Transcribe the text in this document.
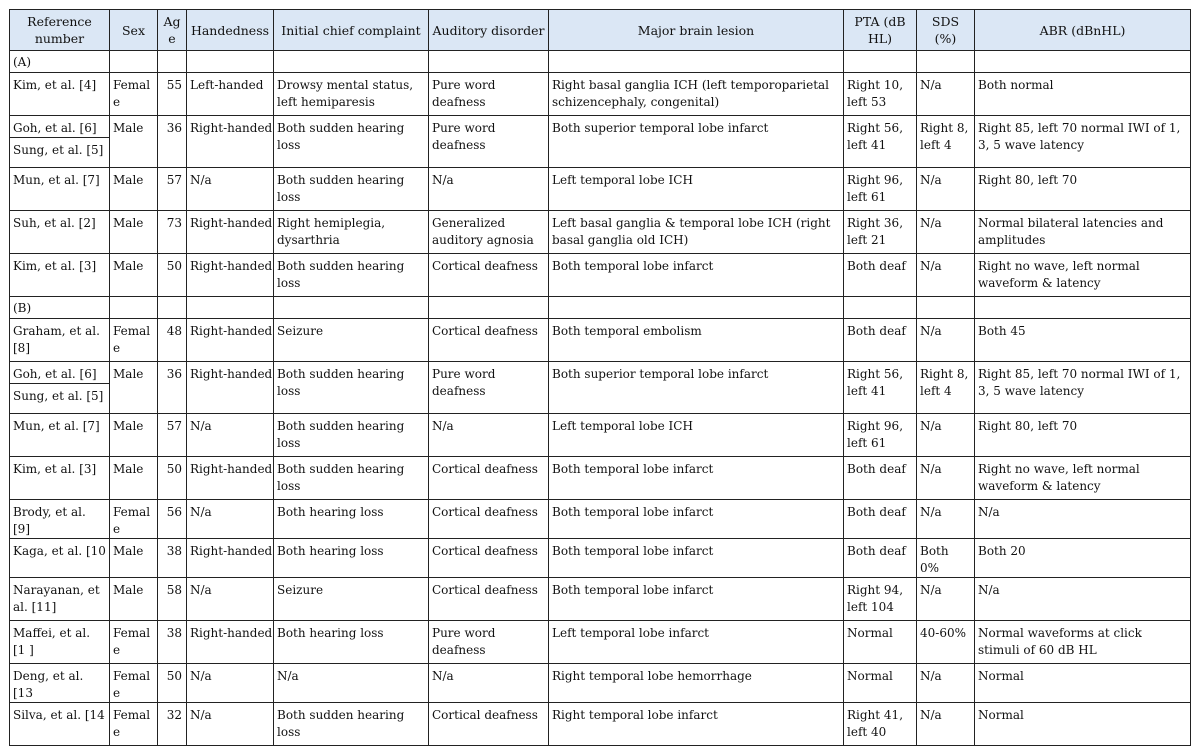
Reference number	Sex	Age	Handedness	Initial chief complaint	Auditory disorder	Major brain lesion	PTA (dB HL)	SDS (%)	ABR (dBnHL)
(A)									
Kim, et al. [4]	Female	55	Left-handed	Drowsy mental status, left hemiparesis	Pure word deafness	Right basal ganglia ICH (left temporoparietal schizencephaly, congenital)	Right 10, left 53	N/a	Both normal
Goh, et al. [6]	Male	36	Right-handed	Both sudden hearing loss	Pure word deafness	Both superior temporal lobe infarct	Right 56, left 41	Right 8, left 4	Right 85, left 70 normal IWI of 1, 3, 5 wave latency
Sung, et al. [5]									
Mun, et al. [7]	Male	57	N/a	Both sudden hearing loss	N/a	Left temporal lobe ICH	Right 96, left 61	N/a	Right 80, left 70
Suh, et al. [2]	Male	73	Right-handed	Right hemiplegia, dysarthria	Generalized auditory agnosia	Left basal ganglia & temporal lobe ICH (right basal ganglia old ICH)	Right 36, left 21	N/a	Normal bilateral latencies and amplitudes
Kim, et al. [3]	Male	50	Right-handed	Both sudden hearing loss	Cortical deafness	Both temporal lobe infarct	Both deaf	N/a	Right no wave, left normal waveform & latency
(B)									
Graham, et al. [8]	Female	48	Right-handed	Seizure	Cortical deafness	Both temporal embolism	Both deaf	N/a	Both 45
Goh, et al. [6]	Male	36	Right-handed	Both sudden hearing loss	Pure word deafness	Both superior temporal lobe infarct	Right 56, left 41	Right 8, left 4	Right 85, left 70 normal IWI of 1, 3, 5 wave latency
Sung, et al. [5]									
Mun, et al. [7]	Male	57	N/a	Both sudden hearing loss	N/a	Left temporal lobe ICH	Right 96, left 61	N/a	Right 80, left 70
Kim, et al. [3]	Male	50	Right-handed	Both sudden hearing loss	Cortical deafness	Both temporal lobe infarct	Both deaf	N/a	Right no wave, left normal waveform & latency
Brody, et al. [9]	Female	56	N/a	Both hearing loss	Cortical deafness	Both temporal lobe infarct	Both deaf	N/a	N/a
Kaga, et al. [10	Male	38	Right-handed	Both hearing loss	Cortical deafness	Both temporal lobe infarct	Both deaf	Both 0%	Both 20
Narayanan, et al. [11]	Male	58	N/a	Seizure	Cortical deafness	Both temporal lobe infarct	Right 94, left 104	N/a	N/a
Maffei, et al. [1 ]	Female	38	Right-handed	Both hearing loss	Pure word deafness	Left temporal lobe infarct	Normal	40-60%	Normal waveforms at click stimuli of 60 dB HL
Deng, et al. [13	Female	50	N/a	N/a	N/a	Right temporal lobe hemorrhage	Normal	N/a	Normal
Silva, et al. [14	Female	32	N/a	Both sudden hearing loss	Cortical deafness	Right temporal lobe infarct	Right 41, left 40	N/a	Normal
